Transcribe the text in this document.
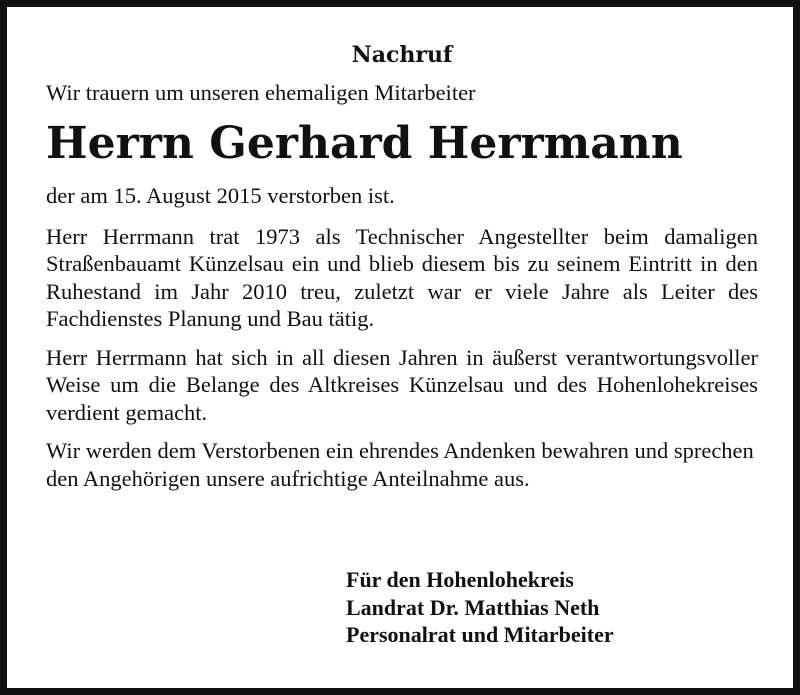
Nachruf

Wir trauern um unseren ehemaligen Mitarbeiter

Herrn Gerhard Herrmann

der am 15. August 2015 verstorben ist.

Herr Herrmann trat 1973 als Technischer Angestellter beim damaligen Straßenbauamt Künzelsau ein und blieb diesem bis zu seinem Eintritt in den Ruhestand im Jahr 2010 treu, zuletzt war er viele Jahre als Leiter des Fachdienstes Planung und Bau tätig.

Herr Herrmann hat sich in all diesen Jahren in äußerst verantwortungsvoller Weise um die Belange des Altkreises Künzelsau und des Hohenlohekreises verdient gemacht.

Wir werden dem Verstorbenen ein ehrendes Andenken bewahren und sprechen den Angehörigen unsere aufrichtige Anteilnahme aus.

Für den Hohenlohekreis
Landrat Dr. Matthias Neth
Personalrat und Mitarbeiter
